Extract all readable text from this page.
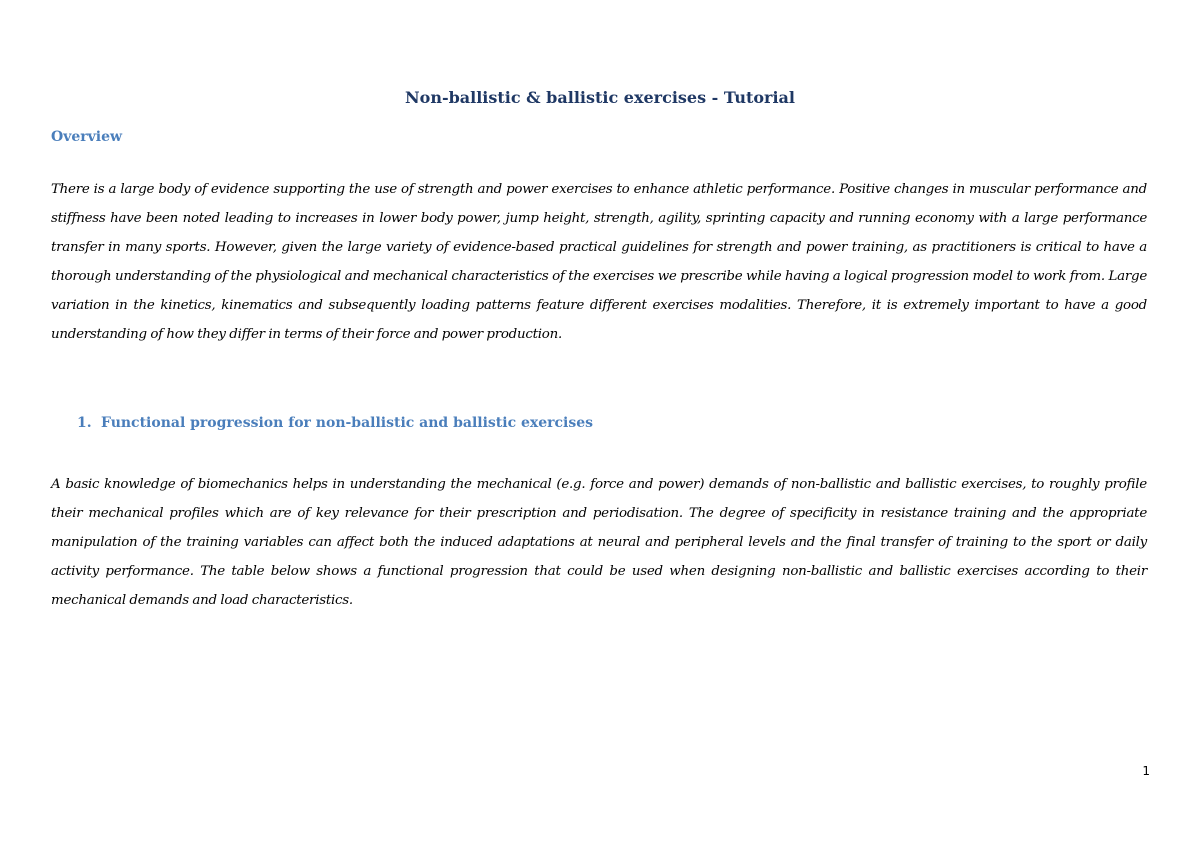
Non-ballistic & ballistic exercises - Tutorial
Overview

There is a large body of evidence supporting the use of strength and power exercises to enhance athletic performance. Positive changes in muscular performance and stiffness have been noted leading to increases in lower body power, jump height, strength, agility, sprinting capacity and running economy with a large performance transfer in many sports. However, given the large variety of evidence-based practical guidelines for strength and power training, as practitioners is critical to have a thorough understanding of the physiological and mechanical characteristics of the exercises we prescribe while having a logical progression model to work from. Large variation in the kinetics, kinematics and subsequently loading patterns feature different exercises modalities. Therefore, it is extremely important to have a good understanding of how they differ in terms of their force and power production.

1. Functional progression for non-ballistic and ballistic exercises

A basic knowledge of biomechanics helps in understanding the mechanical (e.g. force and power) demands of non-ballistic and ballistic exercises, to roughly profile their mechanical profiles which are of key relevance for their prescription and periodisation. The degree of specificity in resistance training and the appropriate manipulation of the training variables can affect both the induced adaptations at neural and peripheral levels and the final transfer of training to the sport or daily activity performance. The table below shows a functional progression that could be used when designing non-ballistic and ballistic exercises according to their mechanical demands and load characteristics.

1
